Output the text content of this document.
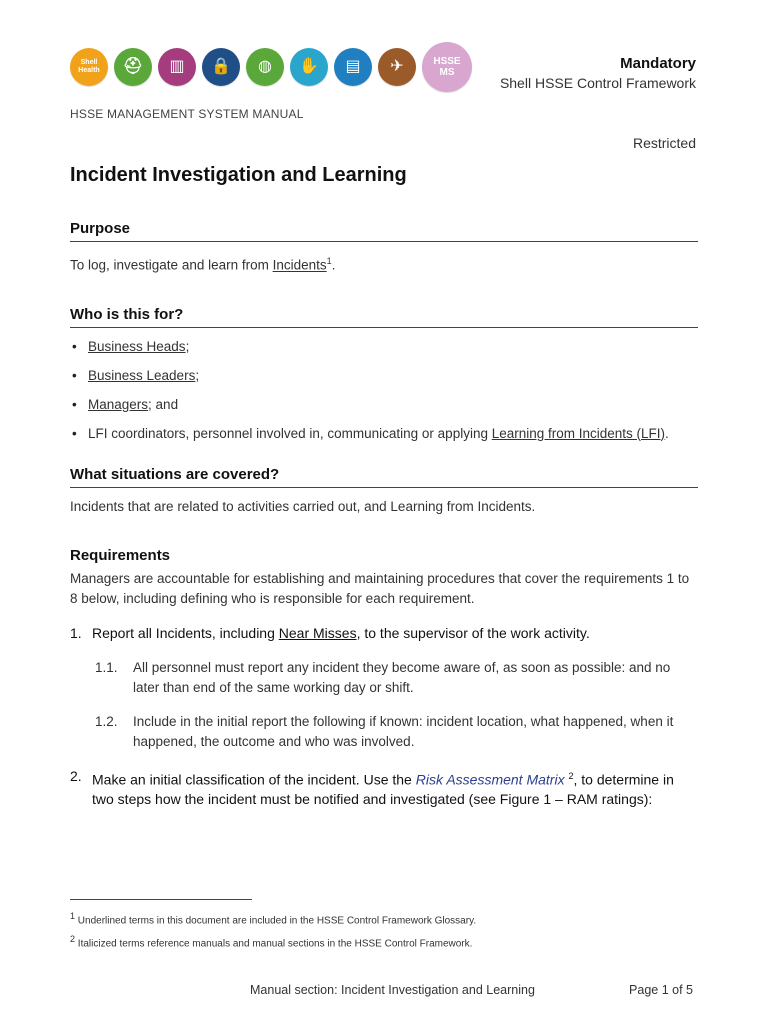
Shell
Health	⛑	▥	🔒	◍	✋	▤	✈	HSSE
MS
Mandatory
Shell HSSE Control Framework
HSSE MANAGEMENT SYSTEM MANUAL
Restricted
Incident Investigation and Learning
Purpose
To log, investigate and learn from Incidents$^1$.
Who is this for?
• Business Heads;
• Business Leaders;
• Managers; and
• LFI coordinators, personnel involved in, communicating or applying Learning from Incidents (LFI).
What situations are covered?
Incidents that are related to activities carried out, and Learning from Incidents.
Requirements
Managers are accountable for establishing and maintaining procedures that cover the requirements 1 to 8 below, including defining who is responsible for each requirement.
1. Report all Incidents, including Near Misses, to the supervisor of the work activity.
1.1.	All personnel must report any incident they become aware of, as soon as possible: and no later than end of the same working day or shift.
1.2.	Include in the initial report the following if known: incident location, what happened, when it happened, the outcome and who was involved.
2. Make an initial classification of the incident. Use the Risk Assessment Matrix $^2$, to determine in two steps how the incident must be notified and investigated (see Figure 1 – RAM ratings):
$^1$ Underlined terms in this document are included in the HSSE Control Framework Glossary.
$^2$ Italicized terms reference manuals and manual sections in the HSSE Control Framework.
Manual section: Incident Investigation and Learning	Page 1 of 5
